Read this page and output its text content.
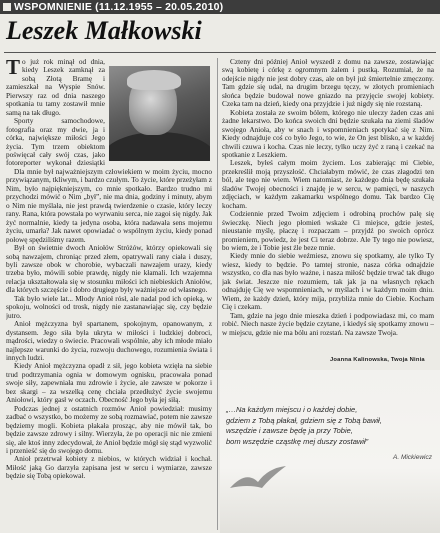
WSPOMNIENIE (11.12.1955 – 20.05.2010)
Leszek Małkowski

To już rok minął od dnia, kiedy Leszek zamknął za sobą Złotą Bramę i zamieszkał na Wyspie Snów. Pierwszy raz od dnia naszego spotkania tu tamy zostawił mnie samą na tak długo.

Sporty samochodowe, fotografia oraz my dwie, ja i córka, największe miłości Jego życia. Tym trzem obiektom poświęcał cały swój czas, jako fotoreporter wykonał dziesiątki

Dla mnie był najważniejszym człowiekiem w moim życiu, mocno przywiązanym, tkliwym, i bardzo czułym. To życie, które przeżyłam z Nim, było najpiękniejszym, co mnie spotkało. Bardzo trudno mi przychodzi mówić o Nim „był”, nie ma dnia, godziny i minuty, abym o Nim nie myślała, nie jest prawdą twierdzenie o czasie, który leczy rany. Rana, która powstała po wyrwaniu serca, nie zagoi się nigdy. Jak żyć normalnie, kiedy ta jedyna osoba, która nadawała sens mojemu życiu, umarła? Jak nawet opowiadać o wspólnym życiu, kiedy ponad połowę spędziliśmy razem.

Był on świetnie dwoch Aniołów Stróżów, którzy opiekowali się sobą nawzajem, chroniąc przed złem, opatrywali rany ciała i duszy, byli zawsze obok w chorobie, wybaczali nawzajem urazy, kiedy trzeba było, mówili sobie prawdę, nigdy nie kłamali. Ich wzajemna relacja ukształtowała się w stosunku miłości ich niebieskich Aniołów, dla których szczęście i dobro drugiego były ważniejsze od własnego.

Tak było wiele lat... Młody Anioł rósł, ale nadal pod ich opieką, w spokoju, wolności od trosk, nigdy nie zastanawiając się, czy będzie jutro.

Anioł mężczyzna był spartanem, spokojnym, opanowanym, z dystansem. Jego siła była ukryta w miłości i ludzkiej dobroci, mądrości, wiedzy o świecie. Pracowali wspólnie, aby ich młode miało najlepsze warunki do życia, rozwoju duchowego, rozumienia świata i innych ludzi.

Kiedy Anioł mężczyzna opadł z sił, jego kobieta wzięła na siebie trud podtrzymania ognia w domowym ognisku, pracowała ponad swoje siły, zapewniała mu zdrowie i życie, ale zawsze w pokorze i bez skargi – za wszelką cenę chciała przedłużyć życie swojemu Aniołowi, który gasł w oczach. Obecność Jego była jej siłą.

Podczas jednej z ostatnich rozmów Anioł powiedział: musimy zadbać o wszystko, bo możemy ze sobą rozmawiać, potem nie zawsze będziemy mogli. Kobieta płakała prosząc, aby nie mówił tak, bo będzie zawsze zdrowy i silny. Wierzyła, że po operacji nic nie zmieni się, ale ktoś inny zdecydował, że Anioł będzie mógł się stąd wyzwolić i przenieść się do swojego domu.

Anioł przetrwał kobiety z niebios, w których widział i kochał. Miłość jaką Go darzyła zapisana jest w sercu i wymiarze, zawsze będzie się Tobą opiekował.

Czteny dni później Anioł wyszedł z domu na zawsze, zostawiając swą kobietę i córkę z ogromnym żalem i pustką. Rozumiał, że na odejście nigdy nie jest dobry czas, ale on był już śmiertelnie zmęczony. Tam gdzie się udał, na drugim brzegu tęczy, w złotych promieniach słońca będzie budował nowe gniazdo na przyjęcie swojej kobiety. Czeka tam na dzień, kiedy ona przyjdzie i już nigdy się nie rozstaną.

Kobieta została ze swoim bólem, którego nie uleczy żaden czas ani żadne lekarstwo. Do końca swoich dni będzie szukała na ziemi śladów swojego Anioła, aby w snach i wspomnieniach spotykać się z Nim. Kiedy odnajduje coś co było Jego, to wie, że On jest blisko, a w każdej chwili czuwa i kocha. Czas nie leczy, tylko uczy żyć z raną i czekać na spotkanie z Leszkiem.

Leszek, byłeś całym moim życiem. Los zabierając mi Ciebie, przekreślił moją przyszłość. Chciałabym mówić, że czas złagodzi ten ból, ale tego nie wiem. Wiem natomiast, że każdego dnia będę szukała śladów Twojej obecności i znajdę je w sercu, w pamięci, w naszych zdjęciach, w każdym zakamarku wspólnego domu. Tak bardzo Cię kocham.

Codziennie przed Twoim zdjęciem i odrobiną prochów palę się świeczkę. Niech jego płomień wskaże Ci miejsce, gdzie jesteś, nieustanie myślę, płaczę i rozpaczam – przyjdź po swoich oprócz promieniem, powiedz, że jest Ci teraz dobrze. Ale Ty tego nie powiesz, bo wiem, że i Tobie jest źle beze mnie.

Kiedy mnie do siebie weźmiesz, znowu się spotkamy, ale tylko Ty wiesz, kiedy to będzie. Po tamtej stronie, nasza córka odnajdzie wszystko, co dla nas było ważne, i nasza miłość będzie trwać tak długo jak świat. Jeszcze nie rozumiem, tak jak ja na własnych rękach odnajduję Cię we wspomnieniach, w myślach i w każdym moim dniu. Wiem, że każdy dzień, który mija, przybliża mnie do Ciebie. Kocham Cię i czekam.

Tam, gdzie na jego dnie mieszka dzień i podpowiadasz mi, co mam robić. Niech nasze życie będzie czytane, i kiedyś się spotkamy znowu – w miejscu, gdzie nie ma bólu ani rozstań. Na zawsze Twoja.

Joanna Kalinowska, Twoja Ninia
„…Na każdym miejscu i o każdej dobie,
gdziem z Tobą płakał, gdziem się z Tobą bawił,
wszędzie i zawsze będę ja przy Tobie,
bom wszędzie cząstkę mej duszy zostawił”
A. Mickiewicz
